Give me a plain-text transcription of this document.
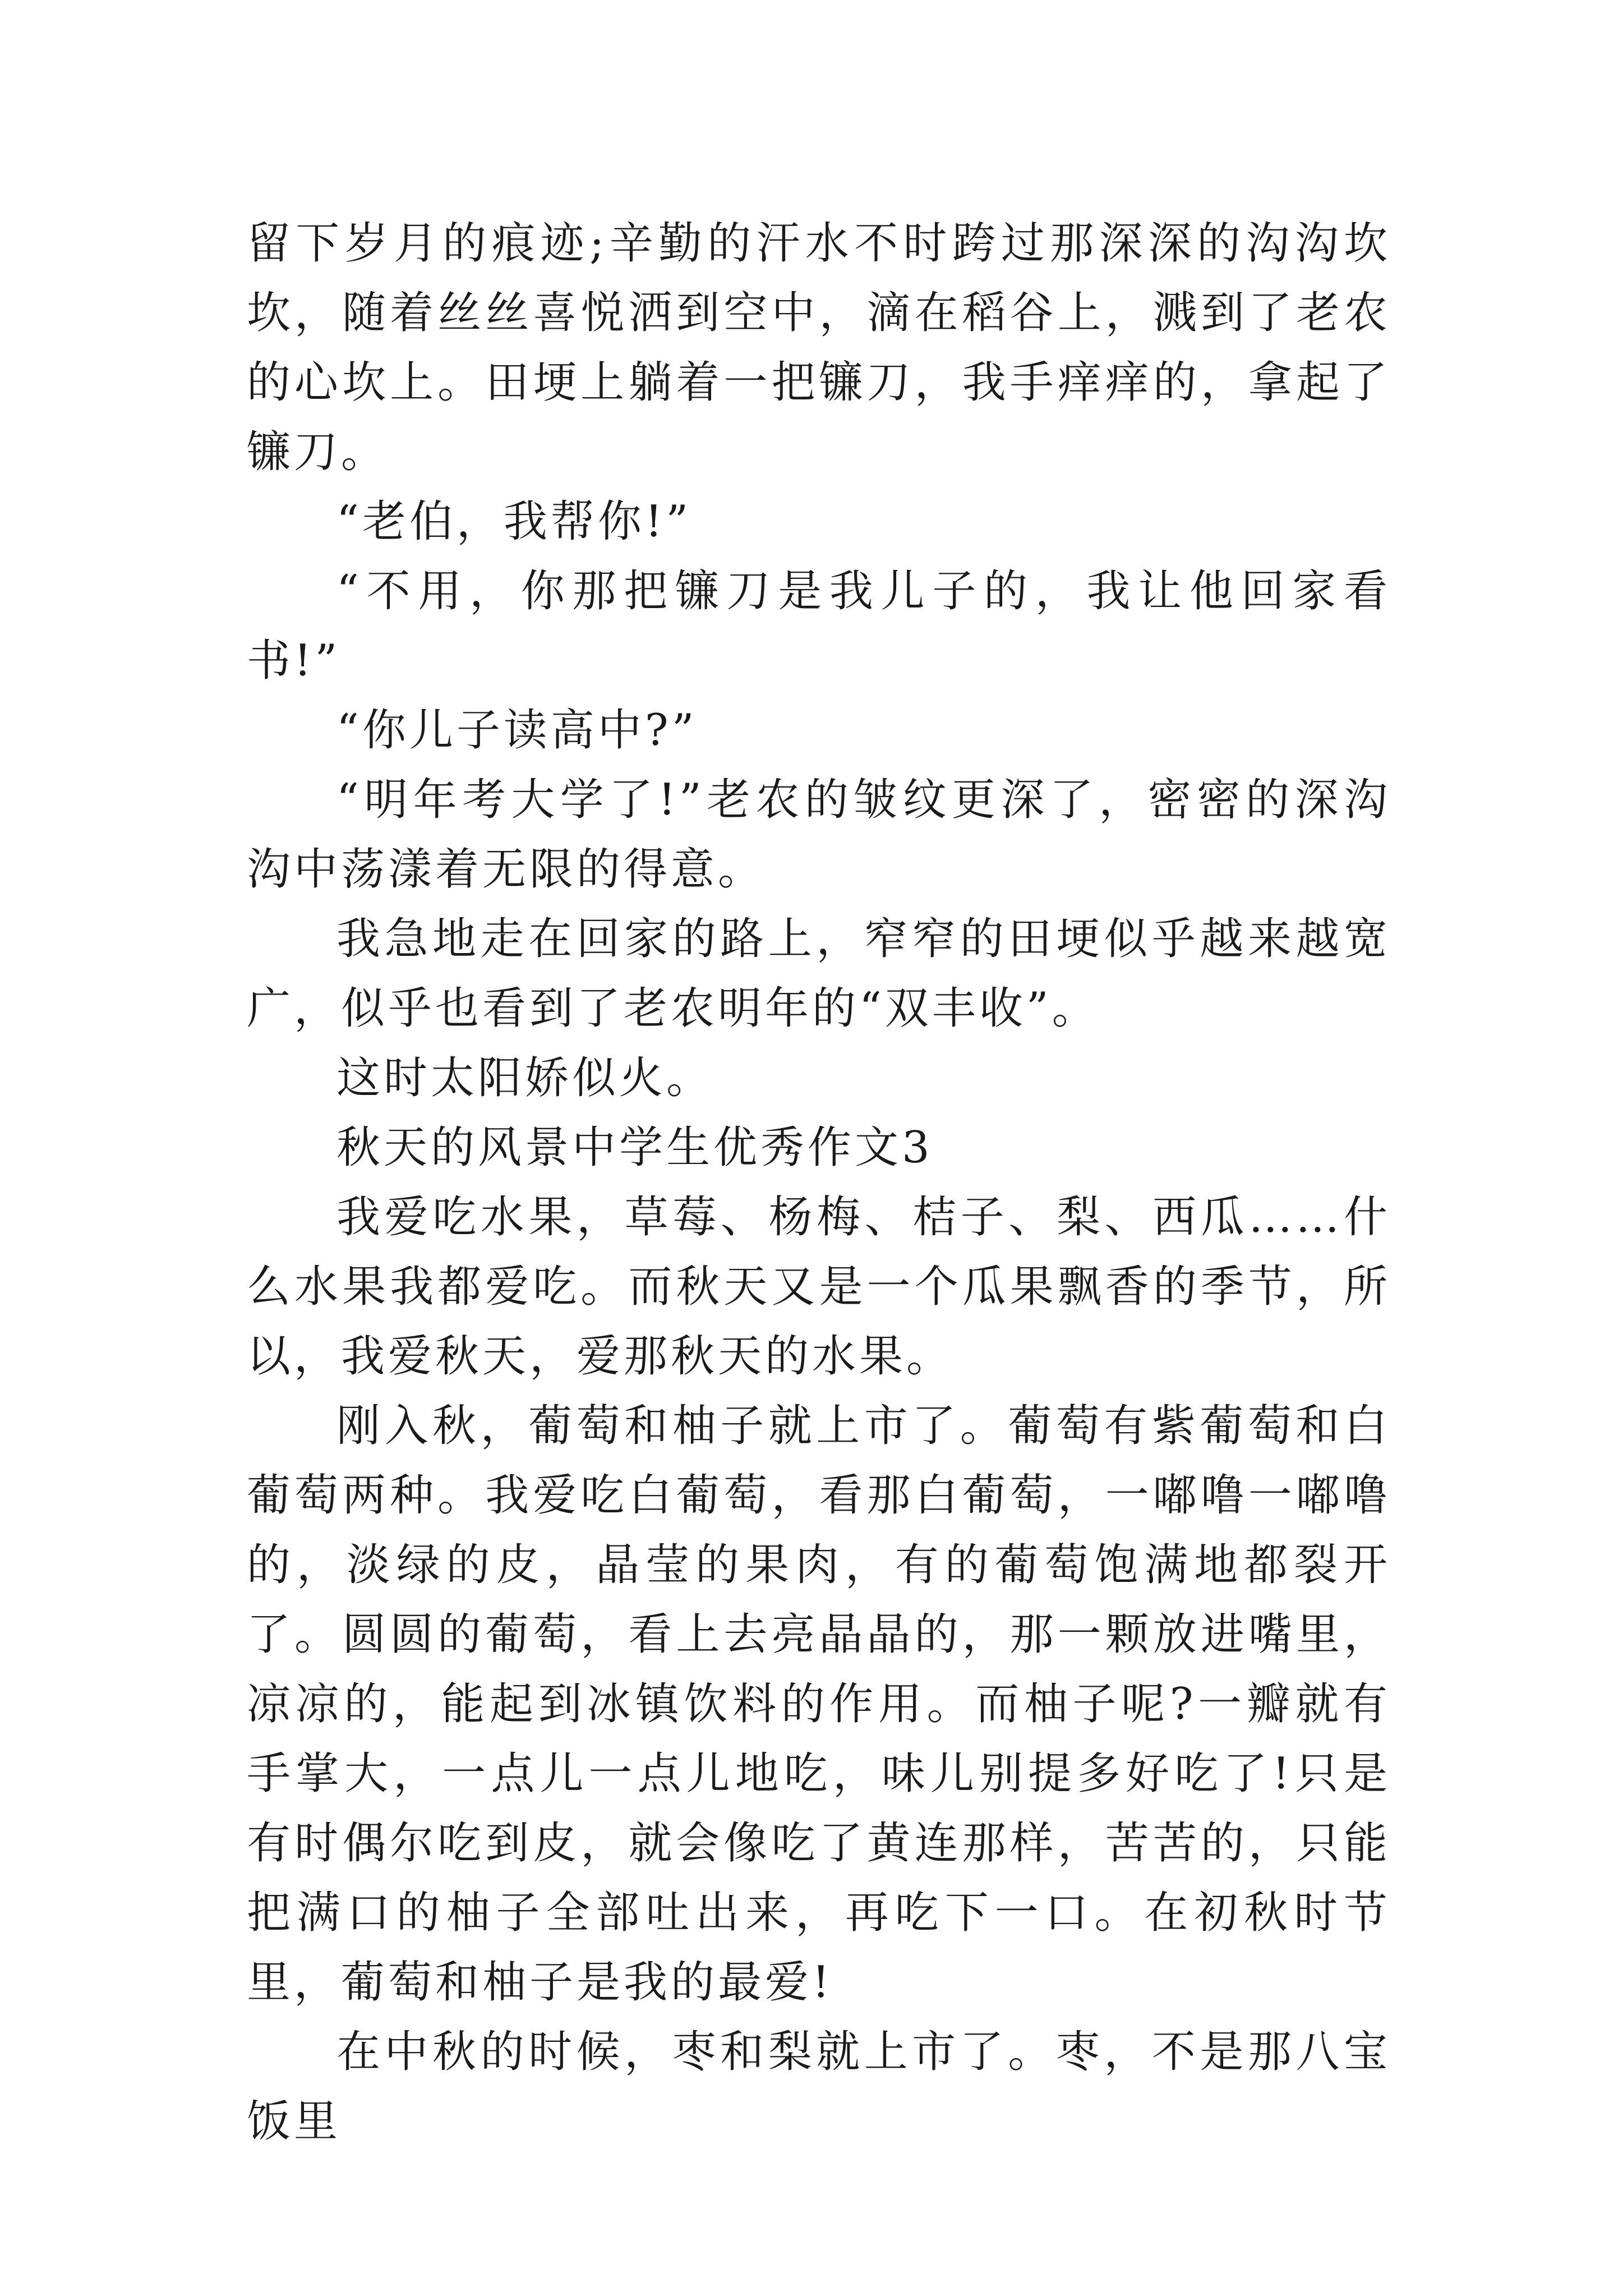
留下岁月的痕迹;辛勤的汗水不时跨过那深深的沟沟坎坎，随着丝丝喜悦洒到空中，滴在稻谷上，溅到了老农的心坎上。田埂上躺着一把镰刀，我手痒痒的，拿起了镰刀。

“老伯，我帮你!”

“不用，你那把镰刀是我儿子的，我让他回家看书!”

“你儿子读高中?”

“明年考大学了!”老农的皱纹更深了，密密的深沟沟中荡漾着无限的得意。

我急地走在回家的路上，窄窄的田埂似乎越来越宽广，似乎也看到了老农明年的“双丰收”。

这时太阳娇似火。

秋天的风景中学生优秀作文3

我爱吃水果，草莓、杨梅、桔子、梨、西瓜……什么水果我都爱吃。而秋天又是一个瓜果飘香的季节，所以，我爱秋天，爱那秋天的水果。

刚入秋，葡萄和柚子就上市了。葡萄有紫葡萄和白葡萄两种。我爱吃白葡萄，看那白葡萄，一嘟噜一嘟噜的，淡绿的皮，晶莹的果肉，有的葡萄饱满地都裂开了。圆圆的葡萄，看上去亮晶晶的，那一颗放进嘴里，凉凉的，能起到冰镇饮料的作用。而柚子呢?一瓣就有手掌大，一点儿一点儿地吃，味儿别提多好吃了!只是有时偶尔吃到皮，就会像吃了黄连那样，苦苦的，只能把满口的柚子全部吐出来，再吃下一口。在初秋时节里，葡萄和柚子是我的最爱!

在中秋的时候，枣和梨就上市了。枣，不是那八宝饭里
